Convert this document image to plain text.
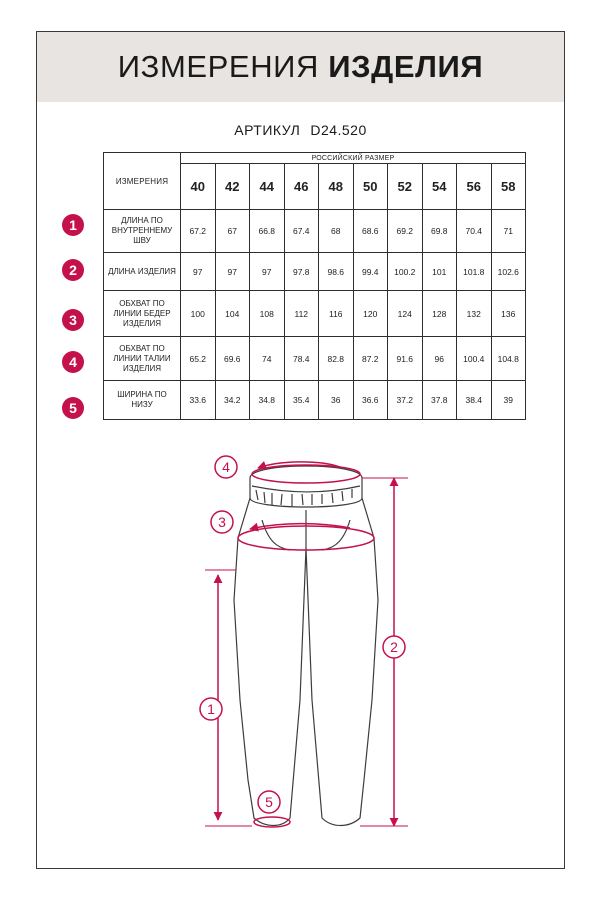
ИЗМЕРЕНИЯ ИЗДЕЛИЯ
АРТИКУЛ D24.520
ИЗМЕРЕНИЯ	РОССИЙСКИЙ РАЗМЕР									
	40	42	44	46	48	50	52	54	56	58
ДЛИНА ПО ВНУТРЕННЕМУ ШВУ	67.2	67	66.8	67.4	68	68.6	69.2	69.8	70.4	71
ДЛИНА ИЗДЕЛИЯ	97	97	97	97.8	98.6	99.4	100.2	101	101.8	102.6
ОБХВАТ ПО ЛИНИИ БЕДЕР ИЗДЕЛИЯ	100	104	108	112	116	120	124	128	132	136
ОБХВАТ ПО ЛИНИИ ТАЛИИ ИЗДЕЛИЯ	65.2	69.6	74	78.4	82.8	87.2	91.6	96	100.4	104.8
ШИРИНА ПО НИЗУ	33.6	34.2	34.8	35.4	36	36.6	37.2	37.8	38.4	39
1
2
3
4
5
4
3
2
1
5
